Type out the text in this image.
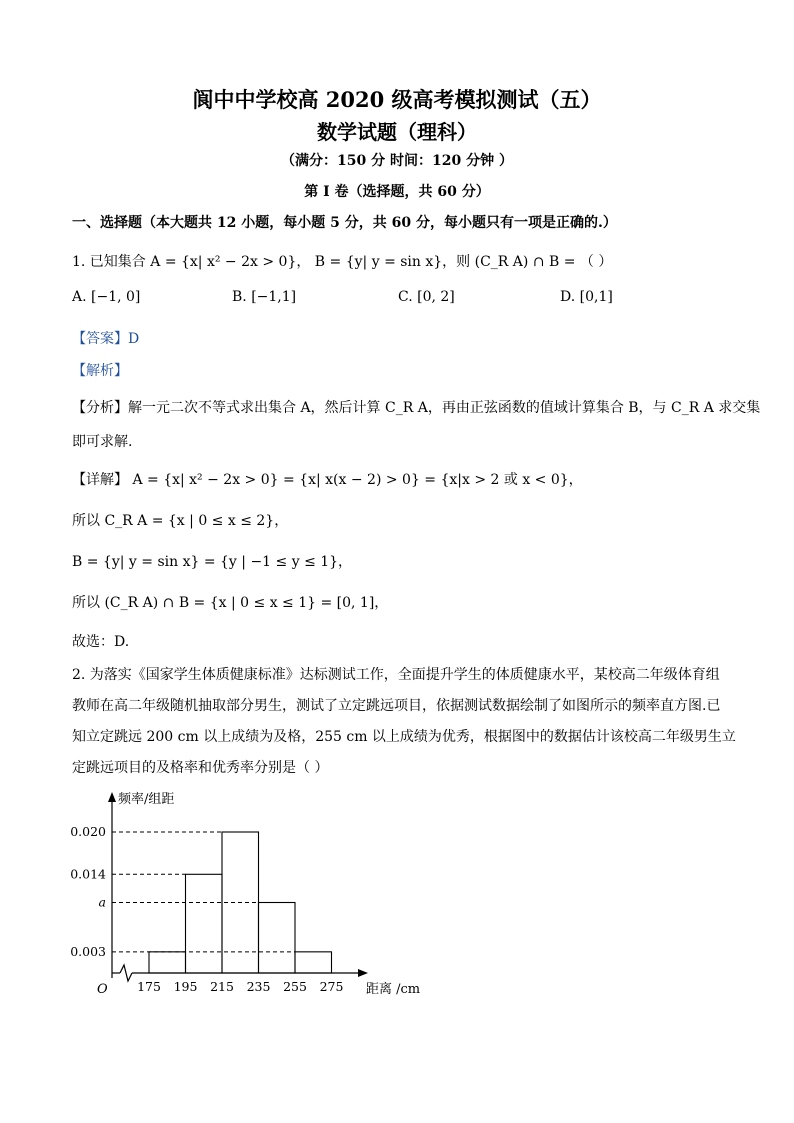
阆中中学校高 2020 级高考模拟测试（五）
数学试题（理科）
（满分：150 分 时间：120 分钟 ）
第 I 卷（选择题，共 60 分）
一、选择题（本大题共 12 小题，每小题 5 分，共 60 分，每小题只有一项是正确的.）
1. 已知集合 A = {x| x² − 2x > 0}， B = {y| y = sin x}，则 (C_R A) ∩ B = （ ）
A. [−1, 0]	B. [−1,1]	C. [0, 2]	D. [0,1]
【答案】D
【解析】
【分析】解一元二次不等式求出集合 A，然后计算 C_R A，再由正弦函数的值域计算集合 B，与 C_R A 求交集
即可求解.
【详解】 A = {x| x² − 2x > 0} = {x| x(x − 2) > 0} = {x|x > 2 或 x < 0}，
所以 C_R A = {x | 0 ≤ x ≤ 2}，
B = {y| y = sin x} = {y | −1 ≤ y ≤ 1}，
所以 (C_R A) ∩ B = {x | 0 ≤ x ≤ 1} = [0, 1]，
故选：D.
2. 为落实《国家学生体质健康标准》达标测试工作，全面提升学生的体质健康水平，某校高二年级体育组
教师在高二年级随机抽取部分男生，测试了立定跳远项目，依据测试数据绘制了如图所示的频率直方图.已
知立定跳远 200 cm 以上成绩为及格，255 cm 以上成绩为优秀，根据图中的数据估计该校高二年级男生立
定跳远项目的及格率和优秀率分别是（ ）
0.020
0.014
a
0.003
175 195 215 235 255 275
频率/组距
距离 /cm
O
